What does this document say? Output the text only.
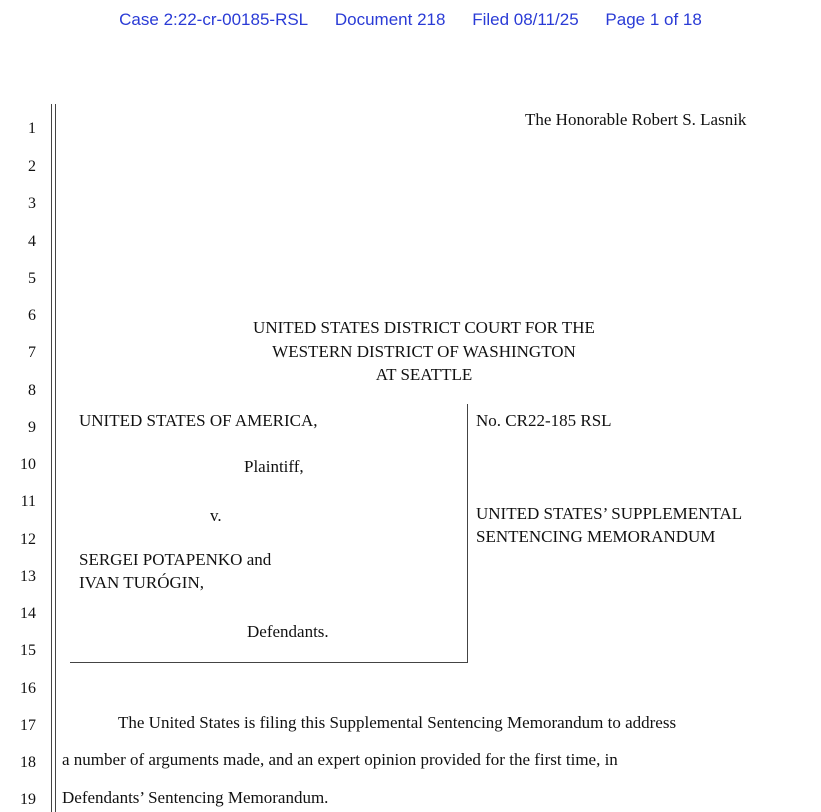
Case 2:22-cr-00185-RSL Document 218 Filed 08/11/25 Page 1 of 18
1
2
3
4
5
6
7
8
9
10
11
12
13
14
15
16
17
18
19
The Honorable Robert S. Lasnik
UNITED STATES DISTRICT COURT FOR THE
WESTERN DISTRICT OF WASHINGTON
AT SEATTLE
UNITED STATES OF AMERICA,
Plaintiff,
v.
SERGEI POTAPENKO and
IVAN TURÓGIN,
Defendants.
No. CR22-185 RSL
UNITED STATES’ SUPPLEMENTAL
SENTENCING MEMORANDUM
The United States is filing this Supplemental Sentencing Memorandum to address
a number of arguments made, and an expert opinion provided for the first time, in
Defendants’ Sentencing Memorandum.
